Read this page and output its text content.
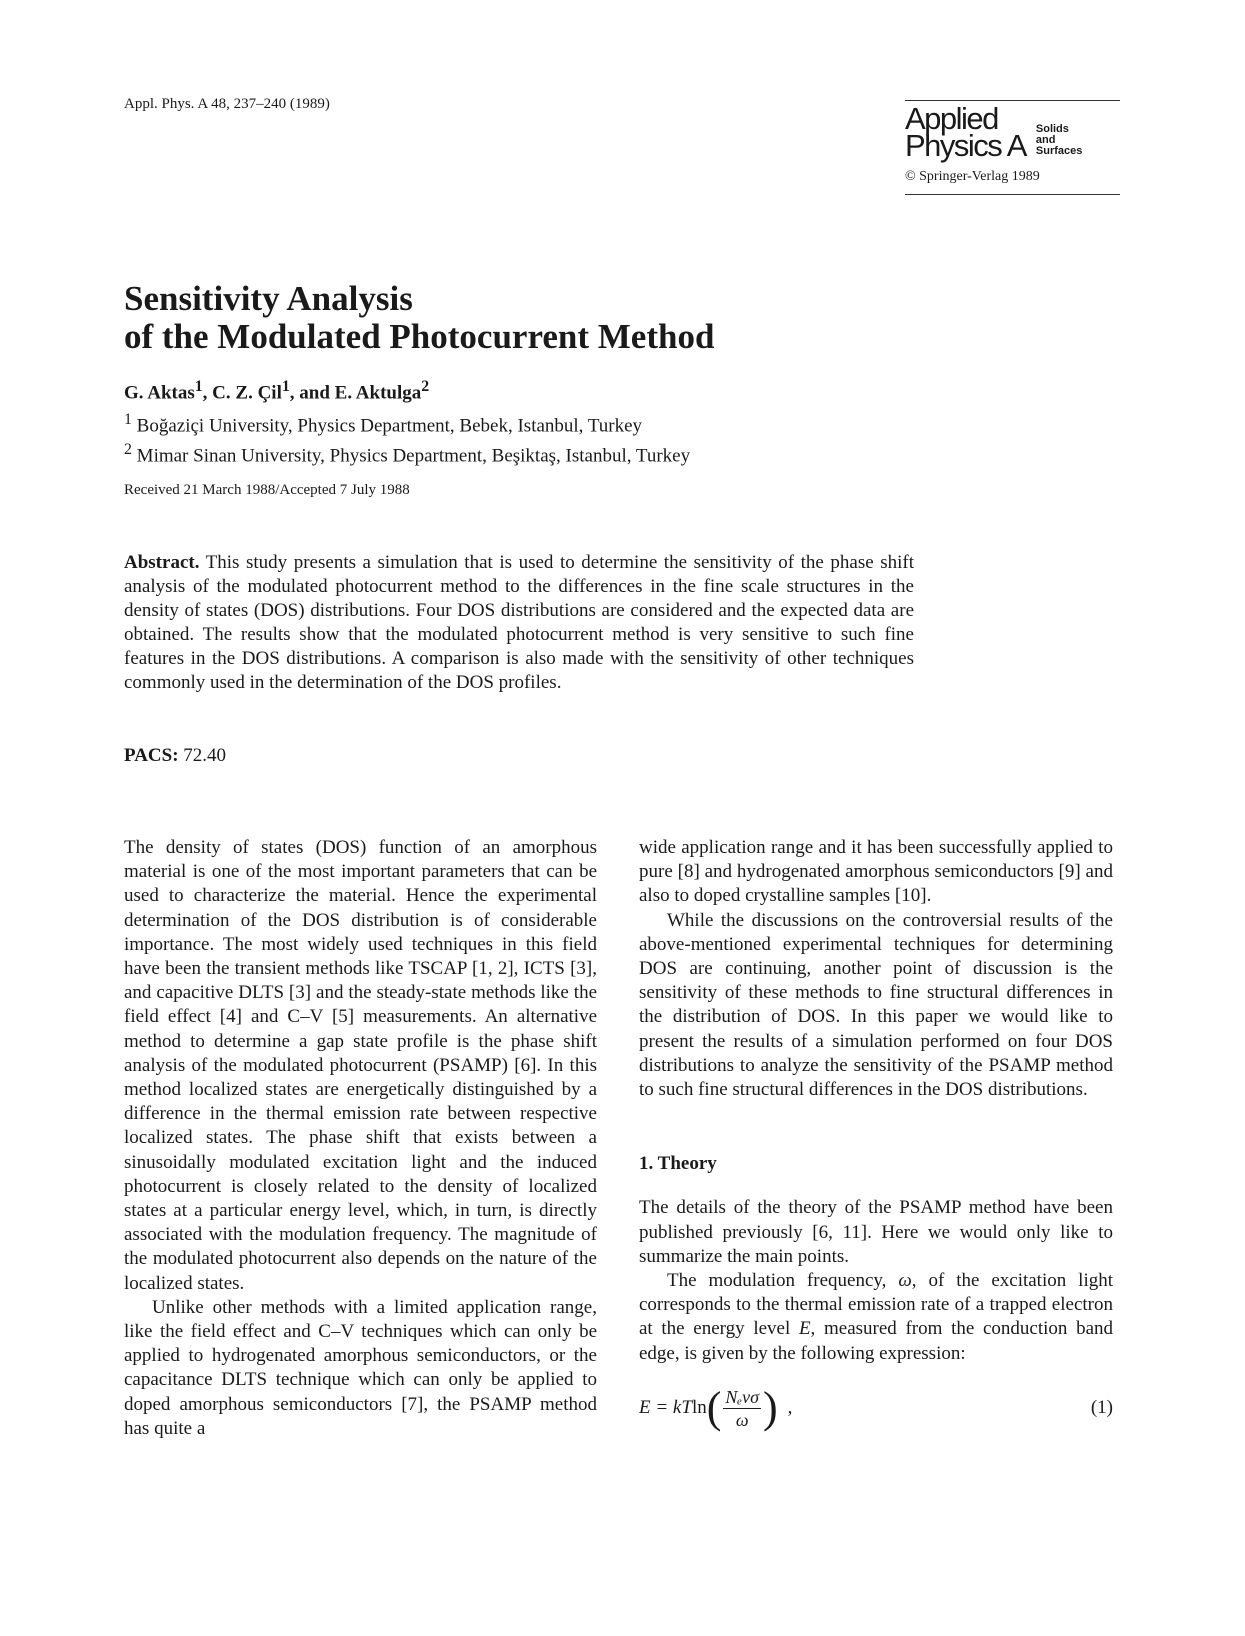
Appl. Phys. A 48, 237–240 (1989)	Applied
Physics A Solids
and
Surfaces
© Springer-Verlag 1989
Sensitivity Analysis
of the Modulated Photocurrent Method
G. Aktas$^1$, C. Z. Çil$^1$, and E. Aktulga$^2$
$^1$ Boğaziçi University, Physics Department, Bebek, Istanbul, Turkey
$^2$ Mimar Sinan University, Physics Department, Beşiktaş, Istanbul, Turkey
Received 21 March 1988/Accepted 7 July 1988
Abstract. This study presents a simulation that is used to determine the sensitivity of the phase shift analysis of the modulated photocurrent method to the differences in the fine scale structures in the density of states (DOS) distributions. Four DOS distributions are considered and the expected data are obtained. The results show that the modulated photocurrent method is very sensitive to such fine features in the DOS distributions. A comparison is also made with the sensitivity of other techniques commonly used in the determination of the DOS profiles.
PACS: 72.40

The density of states (DOS) function of an amorphous material is one of the most important parameters that can be used to characterize the material. Hence the experimental determination of the DOS distribution is of considerable importance. The most widely used techniques in this field have been the transient methods like TSCAP [1, 2], ICTS [3], and capacitive DLTS [3] and the steady-state methods like the field effect [4] and C–V [5] measurements. An alternative method to determine a gap state profile is the phase shift analysis of the modulated photocurrent (PSAMP) [6]. In this method localized states are energetically distinguished by a difference in the thermal emission rate between respective localized states. The phase shift that exists between a sinusoidally modulated excitation light and the induced photocurrent is closely related to the density of localized states at a particular energy level, which, in turn, is directly associated with the modulation frequency. The magnitude of the modulated photocurrent also depends on the nature of the localized states.

Unlike other methods with a limited application range, like the field effect and C–V techniques which can only be applied to hydrogenated amorphous semiconductors, or the capacitance DLTS technique which can only be applied to doped amorphous semiconductors [7], the PSAMP method has quite a

wide application range and it has been successfully applied to pure [8] and hydrogenated amorphous semiconductors [9] and also to doped crystalline samples [10].

While the discussions on the controversial results of the above-mentioned experimental techniques for determining DOS are continuing, another point of discussion is the sensitivity of these methods to fine structural differences in the distribution of DOS. In this paper we would like to present the results of a simulation performed on four DOS distributions to analyze the sensitivity of the PSAMP method to such fine structural differences in the DOS distributions.

1. Theory

The details of the theory of the PSAMP method have been published previously [6, 11]. Here we would only like to summarize the main points.

The modulation frequency, ω, of the excitation light corresponds to the thermal emission rate of a trapped electron at the energy level E, measured from the conduction band edge, is given by the following expression:

E = kT ln ( $\frac{\text{Nₑvσ}}{\omega}$ ) ,	(1)
